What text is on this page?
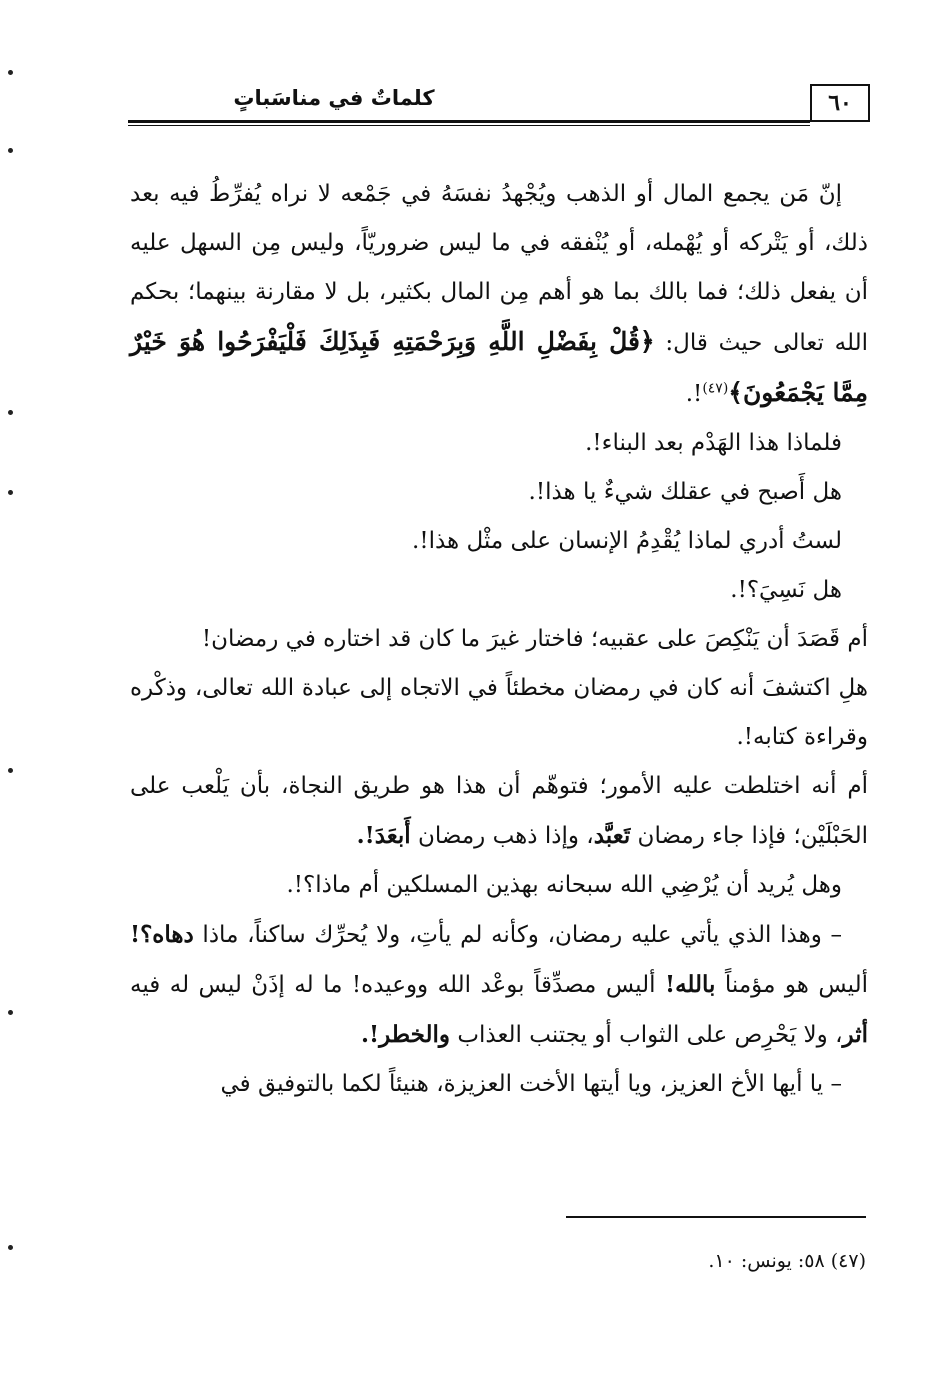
٦٠
كلماتٌ في مناسَباتٍ

إنّ مَن يجمع المال أو الذهب ويُجْهدُ نفسَهُ في جَمْعه لا نراه يُفرِّطُ فيه بعد ذلك، أو يَتْركه أو يُهْمله، أو يُنْفقه في ما ليس ضروريّاً، وليس مِن السهل عليه أن يفعل ذلك؛ فما بالك بما هو أهم مِن المال بكثير، بل لا مقارنة بينهما؛ بحكم الله تعالى حيث قال: ﴿قُلْ بِفَضْلِ اللَّهِ وَبِرَحْمَتِهِ فَبِذَلِكَ فَلْيَفْرَحُوا هُوَ خَيْرٌ مِمَّا يَجْمَعُونَ﴾$^{(٤٧)}$!.

فلماذا هذا الهَدْم بعد البناء!.

هل أَصبح في عقلك شيءٌ يا هذا!.

لستُ أدري لماذا يُقْدِمُ الإنسان على مثْل هذا!.

هل نَسِيَ؟!.

أم قَصَدَ أن يَنْكِصَ على عقبيه؛ فاختار غيرَ ما كان قد اختاره في رمضان!

هلِ اكتشفَ أنه كان في رمضان مخطئاً في الاتجاه إلى عبادة الله تعالى، وذكْره وقراءة كتابه!.

أم أنه اختلطت عليه الأمور؛ فتوهّم أن هذا هو طريق النجاة، بأن يَلْعب على الحَبْلَيْن؛ فإذا جاء رمضان تَعبَّد، وإذا ذهب رمضان أَبعَدَ!.

وهل يُريد أن يُرْضِي الله سبحانه بهذين المسلكين أم ماذا؟!.

– وهذا الذي يأتي عليه رمضان، وكأنه لم يأتِ، ولا يُحرِّك ساكناً، ماذا دهاه؟! أليس هو مؤمناً بالله! أليس مصدِّقاً بوعْد الله ووعيده! ما له إذَنْ ليس له فيه أثر، ولا يَحْرِص على الثواب أو يجتنب العذاب والخطر!.

– يا أيها الأخ العزيز، ويا أيتها الأخت العزيزة، هنيئاً لكما بالتوفيق في

(٤٧) ٥٨: يونس: ١٠.
